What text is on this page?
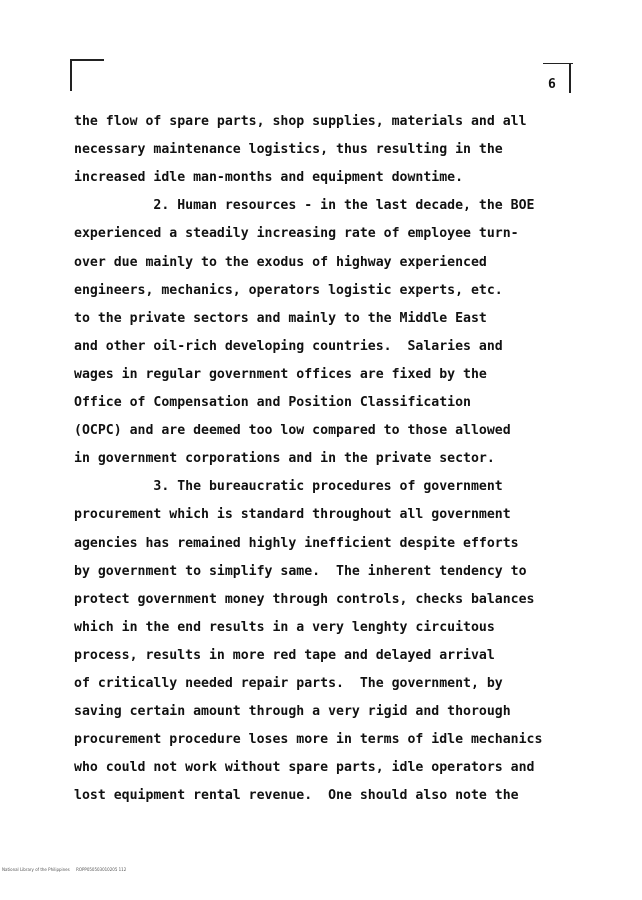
6
the flow of spare parts, shop supplies, materials and all
necessary maintenance logistics, thus resulting in the
increased idle man-months and equipment downtime.
2. Human resources - in the last decade, the BOE
experienced a steadily increasing rate of employee turn-
over due mainly to the exodus of highway experienced
engineers, mechanics, operators logistic experts, etc.
to the private sectors and mainly to the Middle East
and other oil-rich developing countries.  Salaries and
wages in regular government offices are fixed by the
Office of Compensation and Position Classification
(OCPC) and are deemed too low compared to those allowed
in government corporations and in the private sector.
3. The bureaucratic procedures of government
procurement which is standard throughout all government
agencies has remained highly inefficient despite efforts
by government to simplify same.  The inherent tendency to
protect government money through controls, checks balances
which in the end results in a very lenghty circuitous
process, results in more red tape and delayed arrival
of critically needed repair parts.  The government, by
saving certain amount through a very rigid and thorough
procurement procedure loses more in terms of idle mechanics
who could not work without spare parts, idle operators and
lost equipment rental revenue.  One should also note the
National Library of the Philippines     ROPP050503010205 112
